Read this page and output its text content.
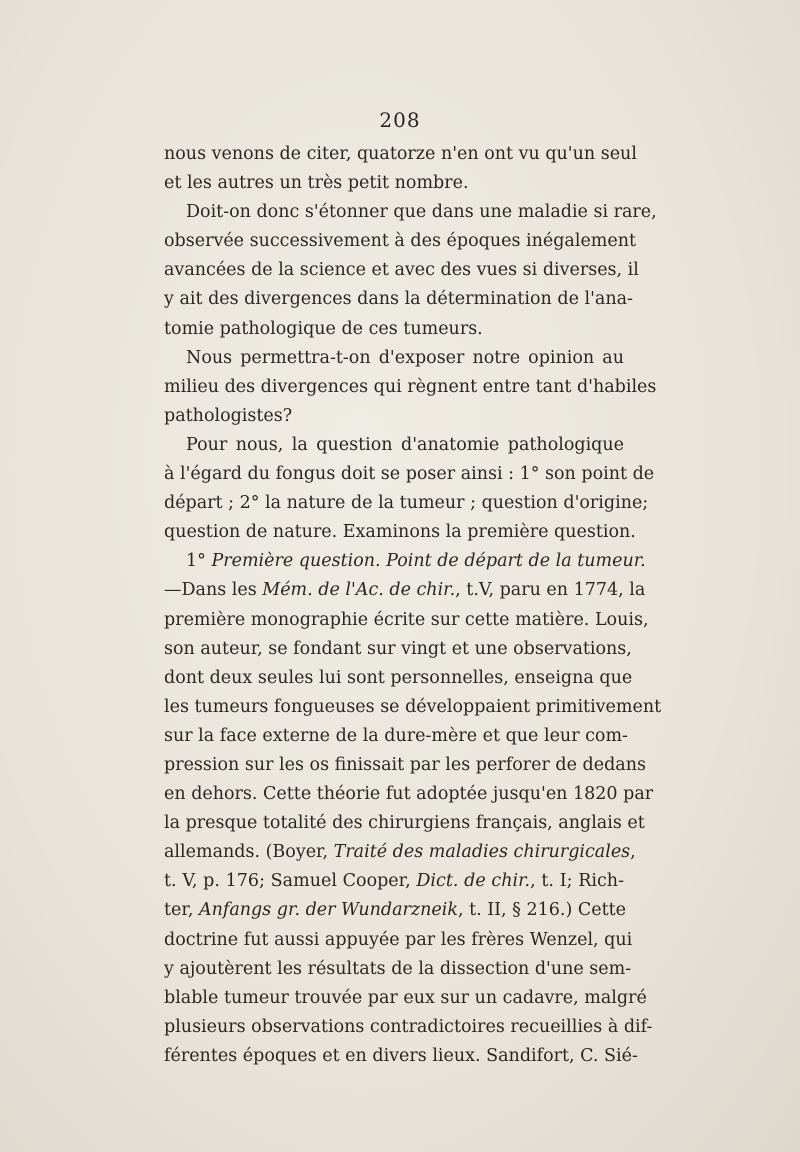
208
nous venons de citer, quatorze n'en ont vu qu'un seul
et les autres un très petit nombre.
Doit-on donc s'étonner que dans une maladie si rare,
observée successivement à des époques inégalement
avancées de la science et avec des vues si diverses, il
y ait des divergences dans la détermination de l'ana-
tomie pathologique de ces tumeurs.
Nous permettra-t-on d'exposer notre opinion au
milieu des divergences qui règnent entre tant d'habiles
pathologistes?
Pour nous, la question d'anatomie pathologique
à l'égard du fongus doit se poser ainsi : 1° son point de
départ ; 2° la nature de la tumeur ; question d'origine;
question de nature. Examinons la première question.
1° Première question. Point de départ de la tumeur.
—Dans les Mém. de l'Ac. de chir., t.V, paru en 1774, la
première monographie écrite sur cette matière. Louis,
son auteur, se fondant sur vingt et une observations,
dont deux seules lui sont personnelles, enseigna que
les tumeurs fongueuses se développaient primitivement
sur la face externe de la dure-mère et que leur com-
pression sur les os finissait par les perforer de dedans
en dehors. Cette théorie fut adoptée jusqu'en 1820 par
la presque totalité des chirurgiens français, anglais et
allemands. (Boyer, Traité des maladies chirurgicales,
t. V, p. 176; Samuel Cooper, Dict. de chir., t. I; Rich-
ter, Anfangs gr. der Wundarzneik, t. II, § 216.) Cette
doctrine fut aussi appuyée par les frères Wenzel, qui
y ajoutèrent les résultats de la dissection d'une sem-
blable tumeur trouvée par eux sur un cadavre, malgré
plusieurs observations contradictoires recueillies à dif-
férentes époques et en divers lieux. Sandifort, C. Sié-
